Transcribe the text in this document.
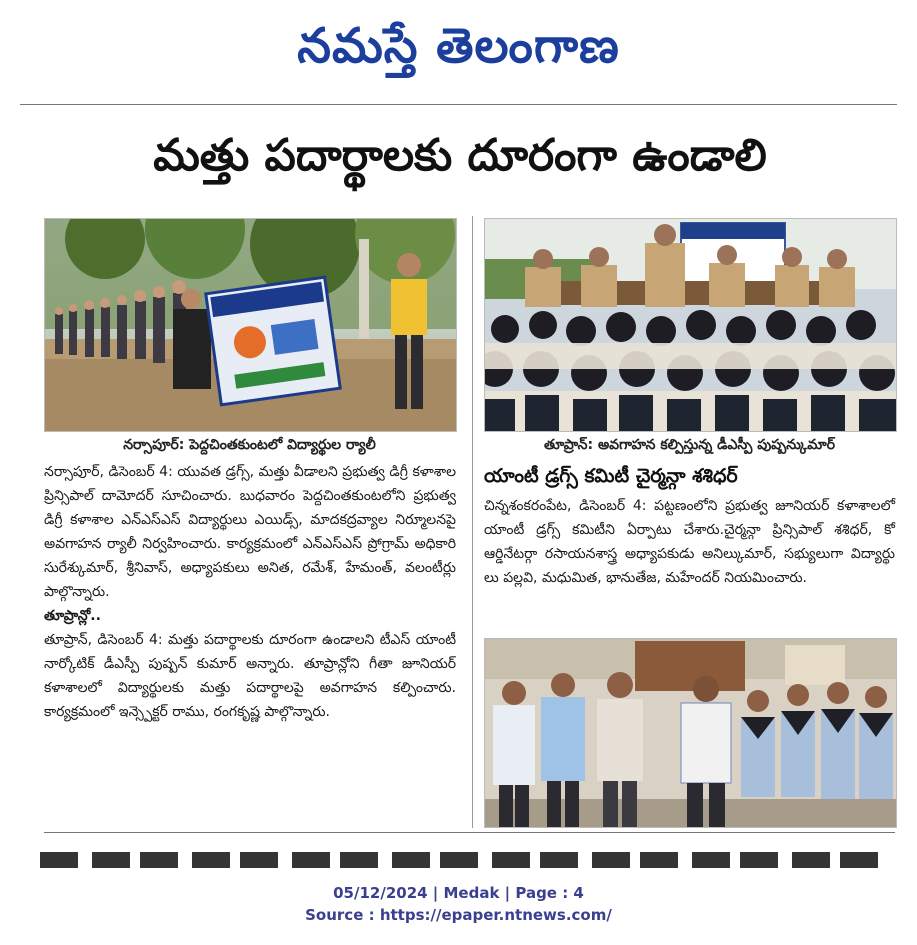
నమస్తే తెలంగాణ
మత్తు పదార్థాలకు దూరంగా ఉండాలి
నర్సాపూర్: పెద్దచింతకుంటలో విద్యార్థుల ర్యాలీ

నర్సాపూర్, డిసెంబర్ 4: యువత డ్రగ్స్, మత్తు వీడాలని ప్రభుత్వ డిగ్రీ కళాశాల ప్రిన్సిపాల్ దామోదర్ సూచించారు. బుధవారం పెద్దచింతకుంటలోని ప్రభుత్వ డిగ్రీ కళాశాల ఎన్ఎస్ఎస్ విద్యార్థులు ఎయిడ్స్, మాదకద్రవ్యాల నిర్మూలనపై అవగాహన ర్యాలీ నిర్వహించారు. కార్యక్రమంలో ఎన్ఎస్ఎస్ ప్రోగ్రామ్ అధికారి సురేశ్కుమార్, శ్రీనివాస్, అధ్యాపకులు అనిత, రమేశ్, హేమంత్, వలంటీర్లు పాల్గొన్నారు.

తూప్రాన్లో..

తూప్రాన్, డిసెంబర్ 4: మత్తు పదార్థాలకు దూరంగా ఉండాలని టీఎస్ యాంటీ నార్కోటిక్ డీఎస్పీ పుష్పన్ కుమార్ అన్నారు. తూప్రాన్లోని గీతా జూనియర్ కళాశాలలో విద్యార్థులకు మత్తు పదార్థాలపై అవగాహన కల్పించారు. కార్యక్రమంలో ఇన్స్పెక్టర్ రాము, రంగకృష్ణ పాల్గొన్నారు.

తూప్రాన్: అవగాహన కల్పిస్తున్న డీఎస్పీ పుష్పన్కుమార్
యాంటీ డ్రగ్స్ కమిటీ చైర్మన్గా శశిధర్

చిన్నశంకరంపేట, డిసెంబర్ 4: పట్టణంలోని ప్రభుత్వ జూనియర్ కళాశాలలో యాంటీ డ్రగ్స్ కమిటీని ఏర్పాటు చేశారు.చైర్మన్గా ప్రిన్సిపాల్ శశిధర్, కో ఆర్డినేటర్గా రసాయనశాస్త్ర అధ్యాపకుడు అనిల్కుమార్, సభ్యులుగా విద్యార్థు లు పల్లవి, మధుమిత, భానుతేజ, మహేందర్ నియమించారు.

05/12/2024 | Medak | Page : 4
Source : https://epaper.ntnews.com/
